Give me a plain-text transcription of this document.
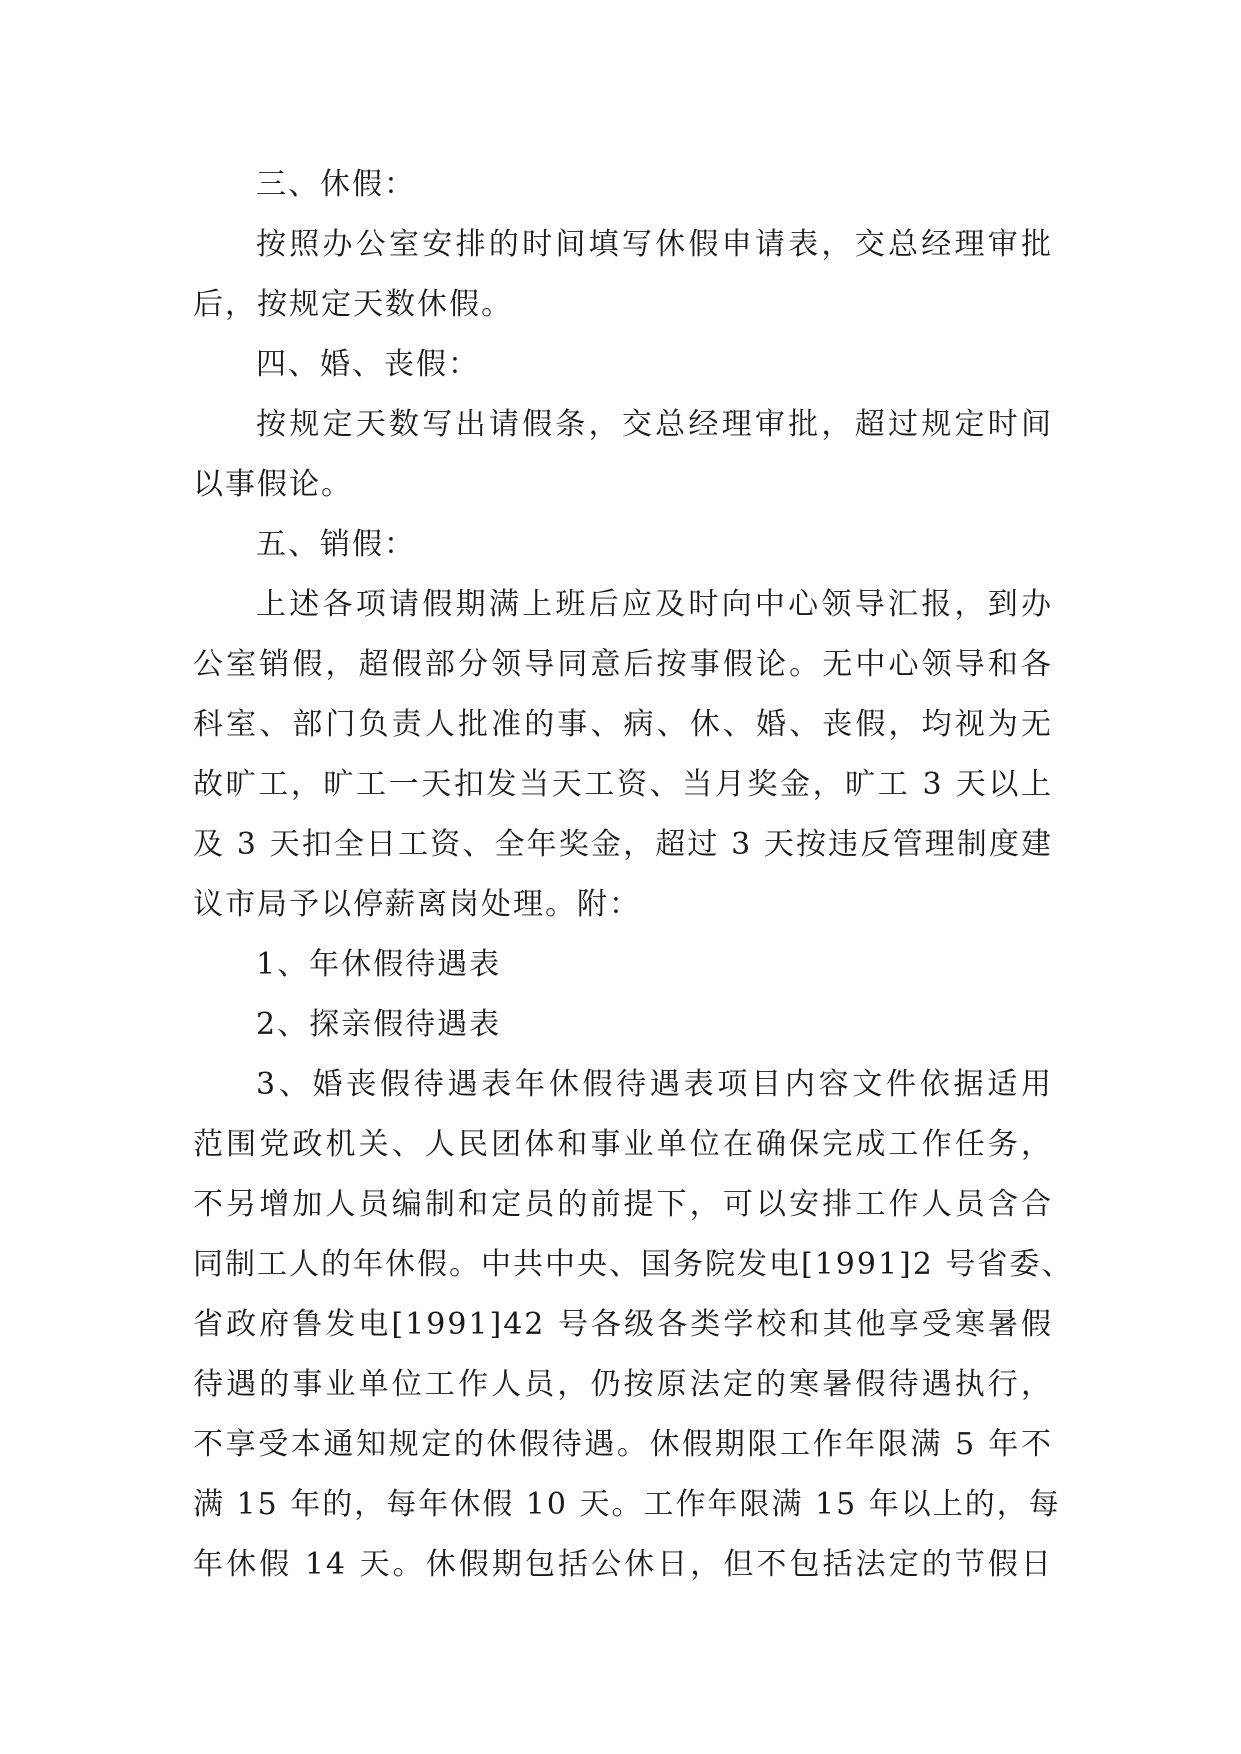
三、休假：
按照办公室安排的时间填写休假申请表，交总经理审批
后，按规定天数休假。
四、婚、丧假：
按规定天数写出请假条，交总经理审批，超过规定时间
以事假论。
五、销假：
上述各项请假期满上班后应及时向中心领导汇报，到办
公室销假，超假部分领导同意后按事假论。无中心领导和各
科室、部门负责人批准的事、病、休、婚、丧假，均视为无
故旷工，旷工一天扣发当天工资、当月奖金，旷工 3 天以上
及 3 天扣全日工资、全年奖金，超过 3 天按违反管理制度建
议市局予以停薪离岗处理。附：
1、年休假待遇表
2、探亲假待遇表
3、婚丧假待遇表年休假待遇表项目内容文件依据适用
范围党政机关、人民团体和事业单位在确保完成工作任务，
不另增加人员编制和定员的前提下，可以安排工作人员含合
同制工人的年休假。中共中央、国务院发电[1991]2 号省委、
省政府鲁发电[1991]42 号各级各类学校和其他享受寒暑假
待遇的事业单位工作人员，仍按原法定的寒暑假待遇执行，
不享受本通知规定的休假待遇。休假期限工作年限满 5 年不
满 15 年的，每年休假 10 天。工作年限满 15 年以上的，每
年休假 14 天。休假期包括公休日，但不包括法定的节假日
